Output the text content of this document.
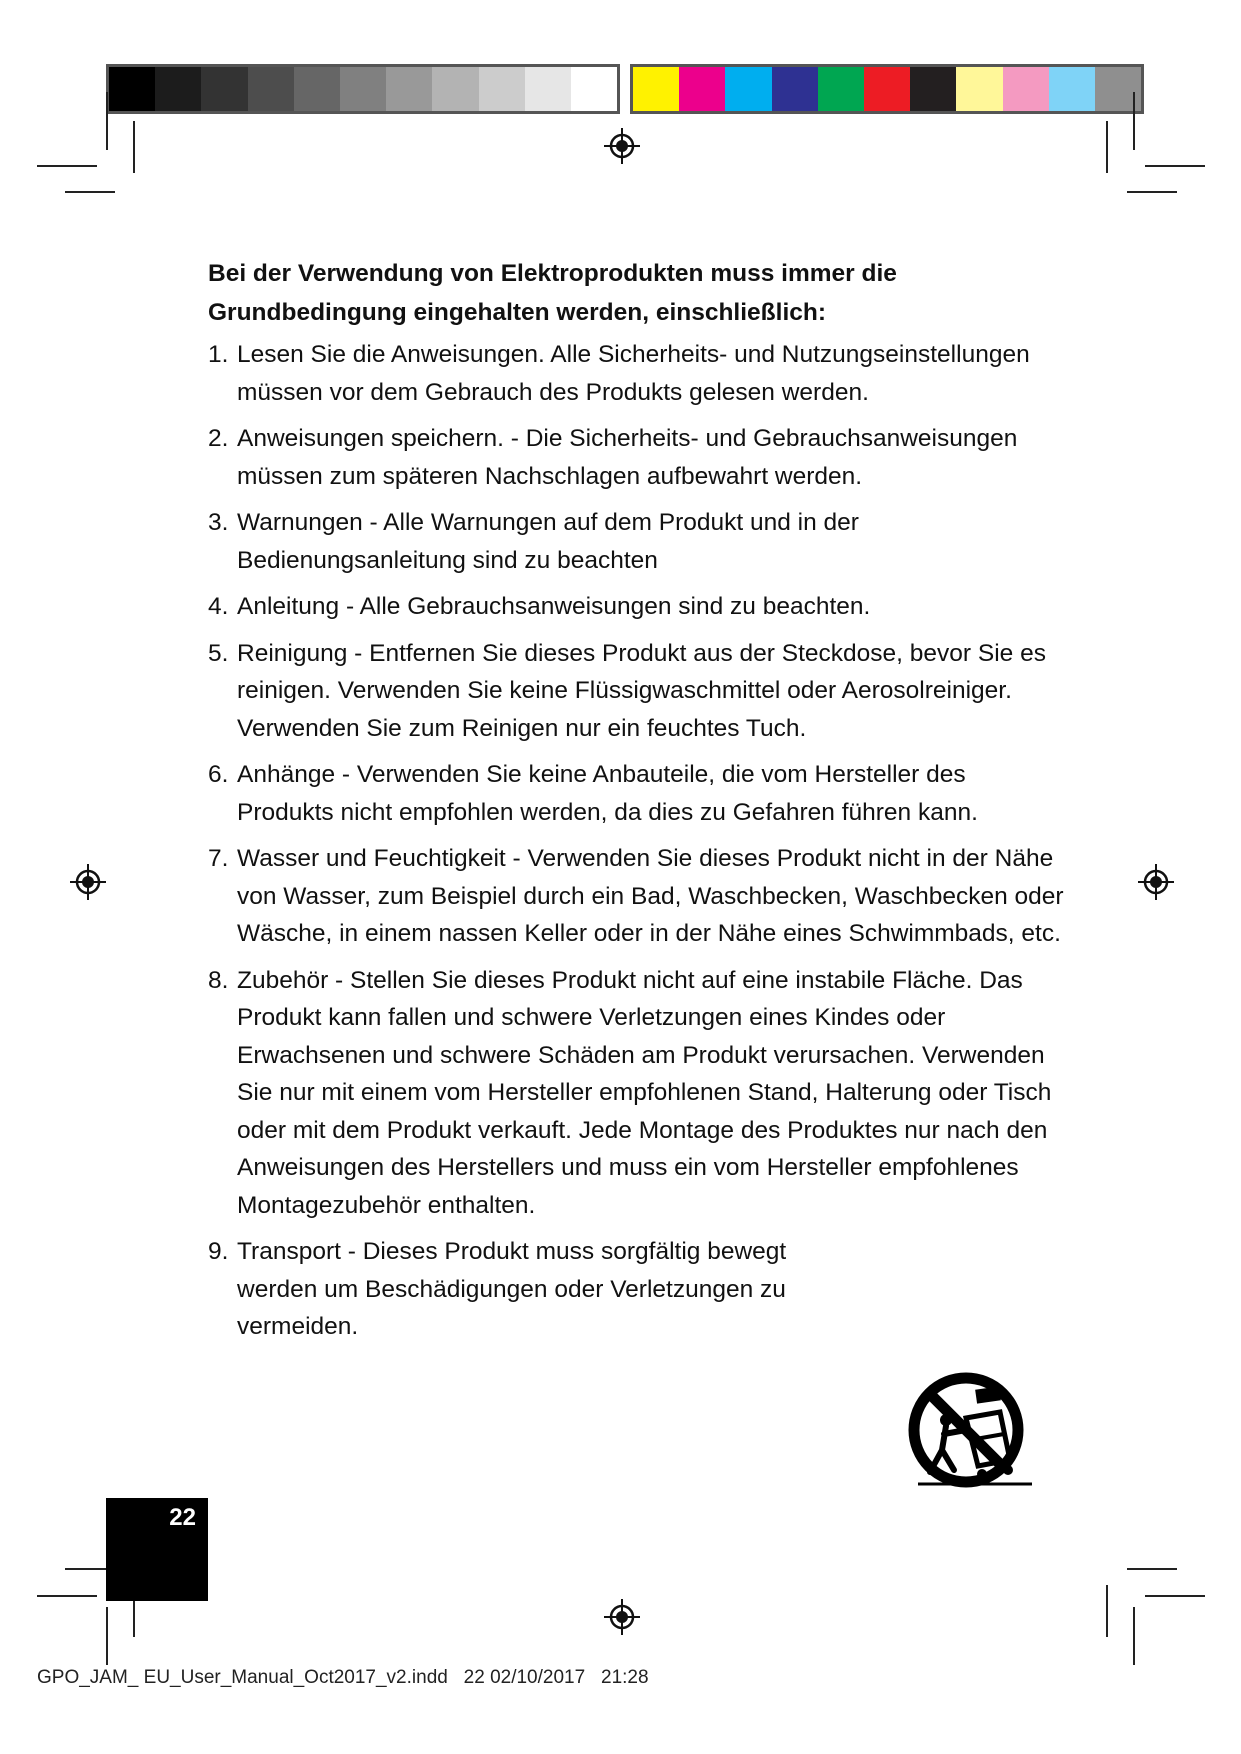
Bei der Verwendung von Elektroprodukten muss immer die Grundbedingung eingehalten werden, einschließlich:

1. Lesen Sie die Anweisungen. Alle Sicherheits- und Nutzungseinstellungen müssen vor dem Gebrauch des Produkts gelesen werden.
2. Anweisungen speichern. - Die Sicherheits- und Gebrauchsanweisungen müssen zum späteren Nachschlagen aufbewahrt werden.
3. Warnungen - Alle Warnungen auf dem Produkt und in der Bedienungsanleitung sind zu beachten
4. Anleitung - Alle Gebrauchsanweisungen sind zu beachten.
5. Reinigung - Entfernen Sie dieses Produkt aus der Steckdose, bevor Sie es reinigen. Verwenden Sie keine Flüssigwaschmittel oder Aerosolreiniger. Verwenden Sie zum Reinigen nur ein feuchtes Tuch.
6. Anhänge - Verwenden Sie keine Anbauteile, die vom Hersteller des Produkts nicht empfohlen werden, da dies zu Gefahren führen kann.
7. Wasser und Feuchtigkeit - Verwenden Sie dieses Produkt nicht in der Nähe von Wasser, zum Beispiel durch ein Bad, Waschbecken, Waschbecken oder Wäsche, in einem nassen Keller oder in der Nähe eines Schwimmbads, etc.
8. Zubehör - Stellen Sie dieses Produkt nicht auf eine instabile Fläche. Das Produkt kann fallen und schwere Verletzungen eines Kindes oder Erwachsenen und schwere Schäden am Produkt verursachen. Verwenden Sie nur mit einem vom Hersteller empfohlenen Stand, Halterung oder Tisch oder mit dem Produkt verkauft. Jede Montage des Produktes nur nach den Anweisungen des Herstellers und muss ein vom Hersteller empfohlenes Montagezubehör enthalten.
9. Transport - Dieses Produkt muss sorgfältig bewegt werden um Beschädigungen oder Verletzungen zu vermeiden.
22
GPO_JAM_ EU_User_Manual_Oct2017_v2.indd   22 02/10/2017   21:28
